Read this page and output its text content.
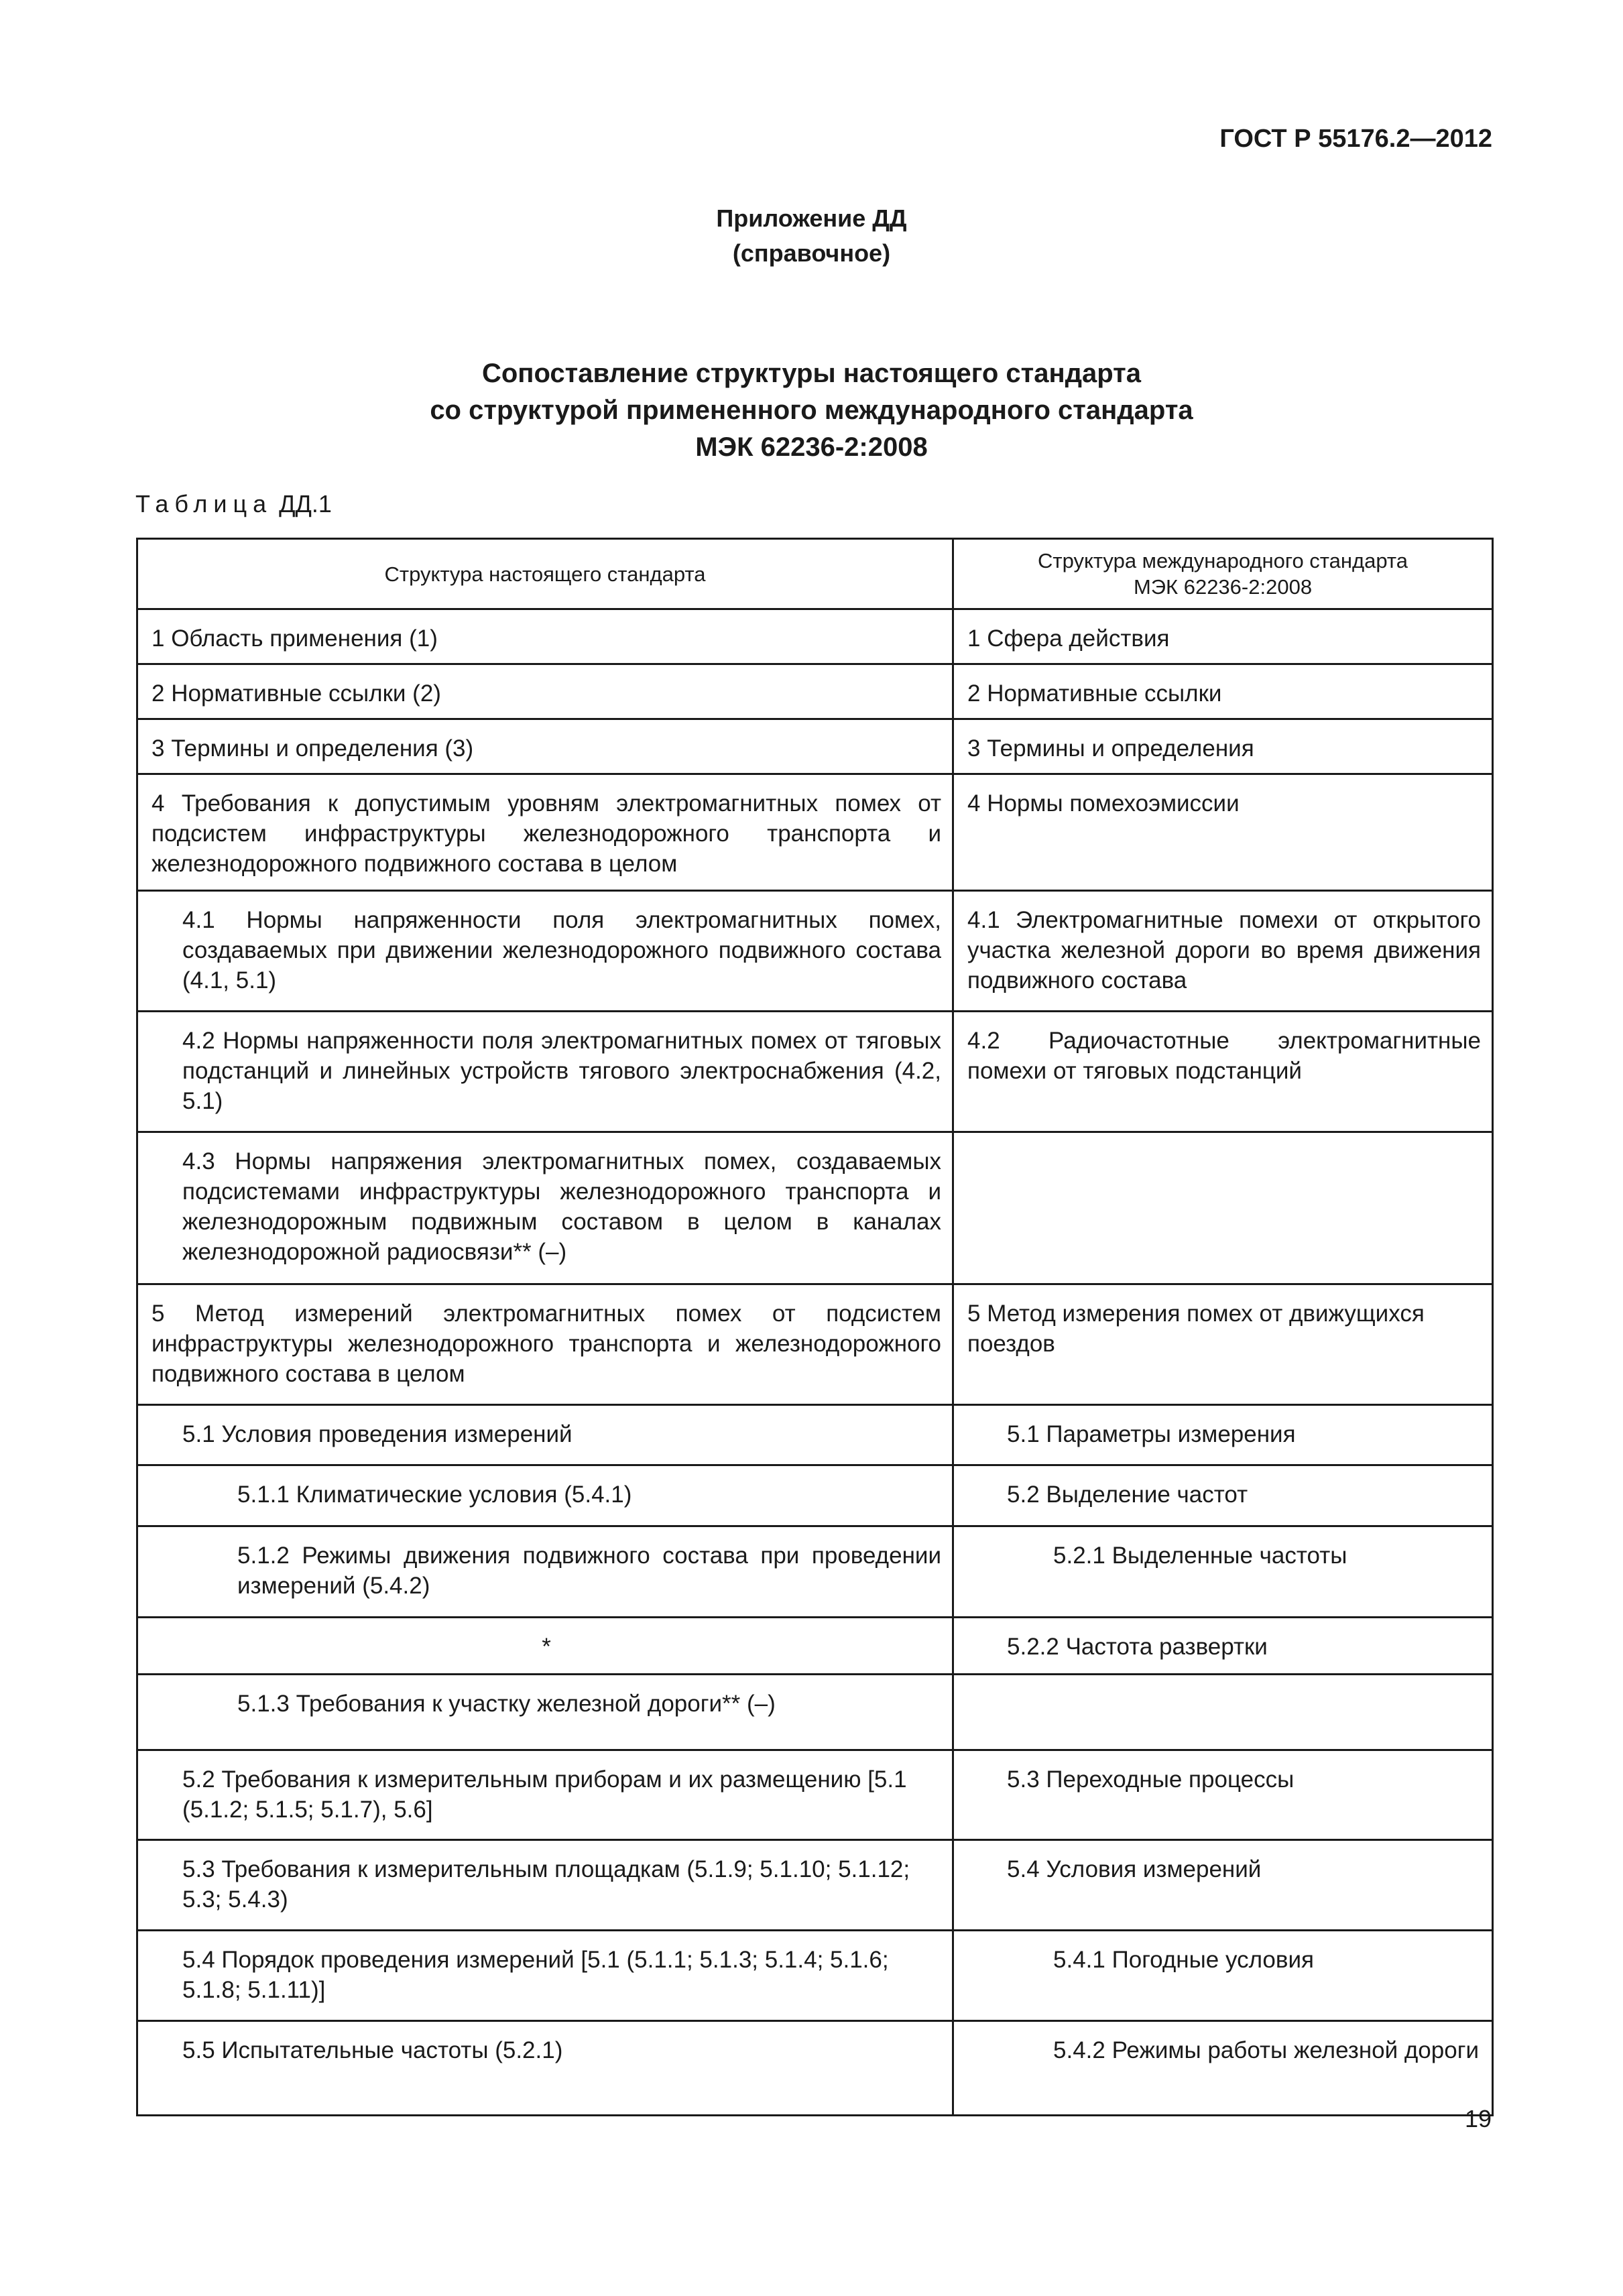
ГОСТ Р 55176.2—2012
Приложение ДД
(справочное)
Сопоставление структуры настоящего стандарта
со структурой примененного международного стандарта
МЭК 62236-2:2008
Таблица ДД.1
Структура настоящего стандарта	Структура международного стандарта
МЭК 62236-2:2008

1 Область применения (1)	1 Сфера действия
2 Нормативные ссылки (2)	2 Нормативные ссылки
3 Термины и определения (3)	3 Термины и определения
4 Требования к допустимым уровням электромагнитных помех от подсистем инфраструктуры железнодорожного транспорта и железнодорожного подвижного состава в целом	4 Нормы помехоэмиссии
4.1 Нормы напряженности поля электромагнитных помех, создаваемых при движении железнодорожного подвижного состава (4.1, 5.1)	4.1 Электромагнитные помехи от открытого участка железной дороги во время движения подвижного состава
4.2 Нормы напряженности поля электромагнитных помех от тяговых подстанций и линейных устройств тягового электроснабжения (4.2, 5.1)	4.2 Радиочастотные электромагнитные помехи от тяговых подстанций
4.3 Нормы напряжения электромагнитных помех, создаваемых подсистемами инфраструктуры железнодорожного транспорта и железнодорожным подвижным составом в целом в каналах железнодорожной радиосвязи** (–)	
5 Метод измерений электромагнитных помех от подсистем инфраструктуры железнодорожного транспорта и железнодорожного подвижного состава в целом	5 Метод измерения помех от движущихся поездов
5.1 Условия проведения измерений	5.1 Параметры измерения
5.1.1 Климатические условия (5.4.1)	5.2 Выделение частот
5.1.2 Режимы движения подвижного состава при проведении измерений (5.4.2)	5.2.1 Выделенные частоты
*	5.2.2 Частота развертки
5.1.3 Требования к участку железной дороги** (–)	
5.2 Требования к измерительным приборам и их размещению [5.1 (5.1.2; 5.1.5; 5.1.7), 5.6]	5.3 Переходные процессы
5.3 Требования к измерительным площадкам (5.1.9; 5.1.10; 5.1.12; 5.3; 5.4.3)	5.4 Условия измерений
5.4 Порядок проведения измерений [5.1 (5.1.1; 5.1.3; 5.1.4; 5.1.6; 5.1.8; 5.1.11)]	5.4.1 Погодные условия
5.5 Испытательные частоты (5.2.1)	5.4.2 Режимы работы железной дороги
19
